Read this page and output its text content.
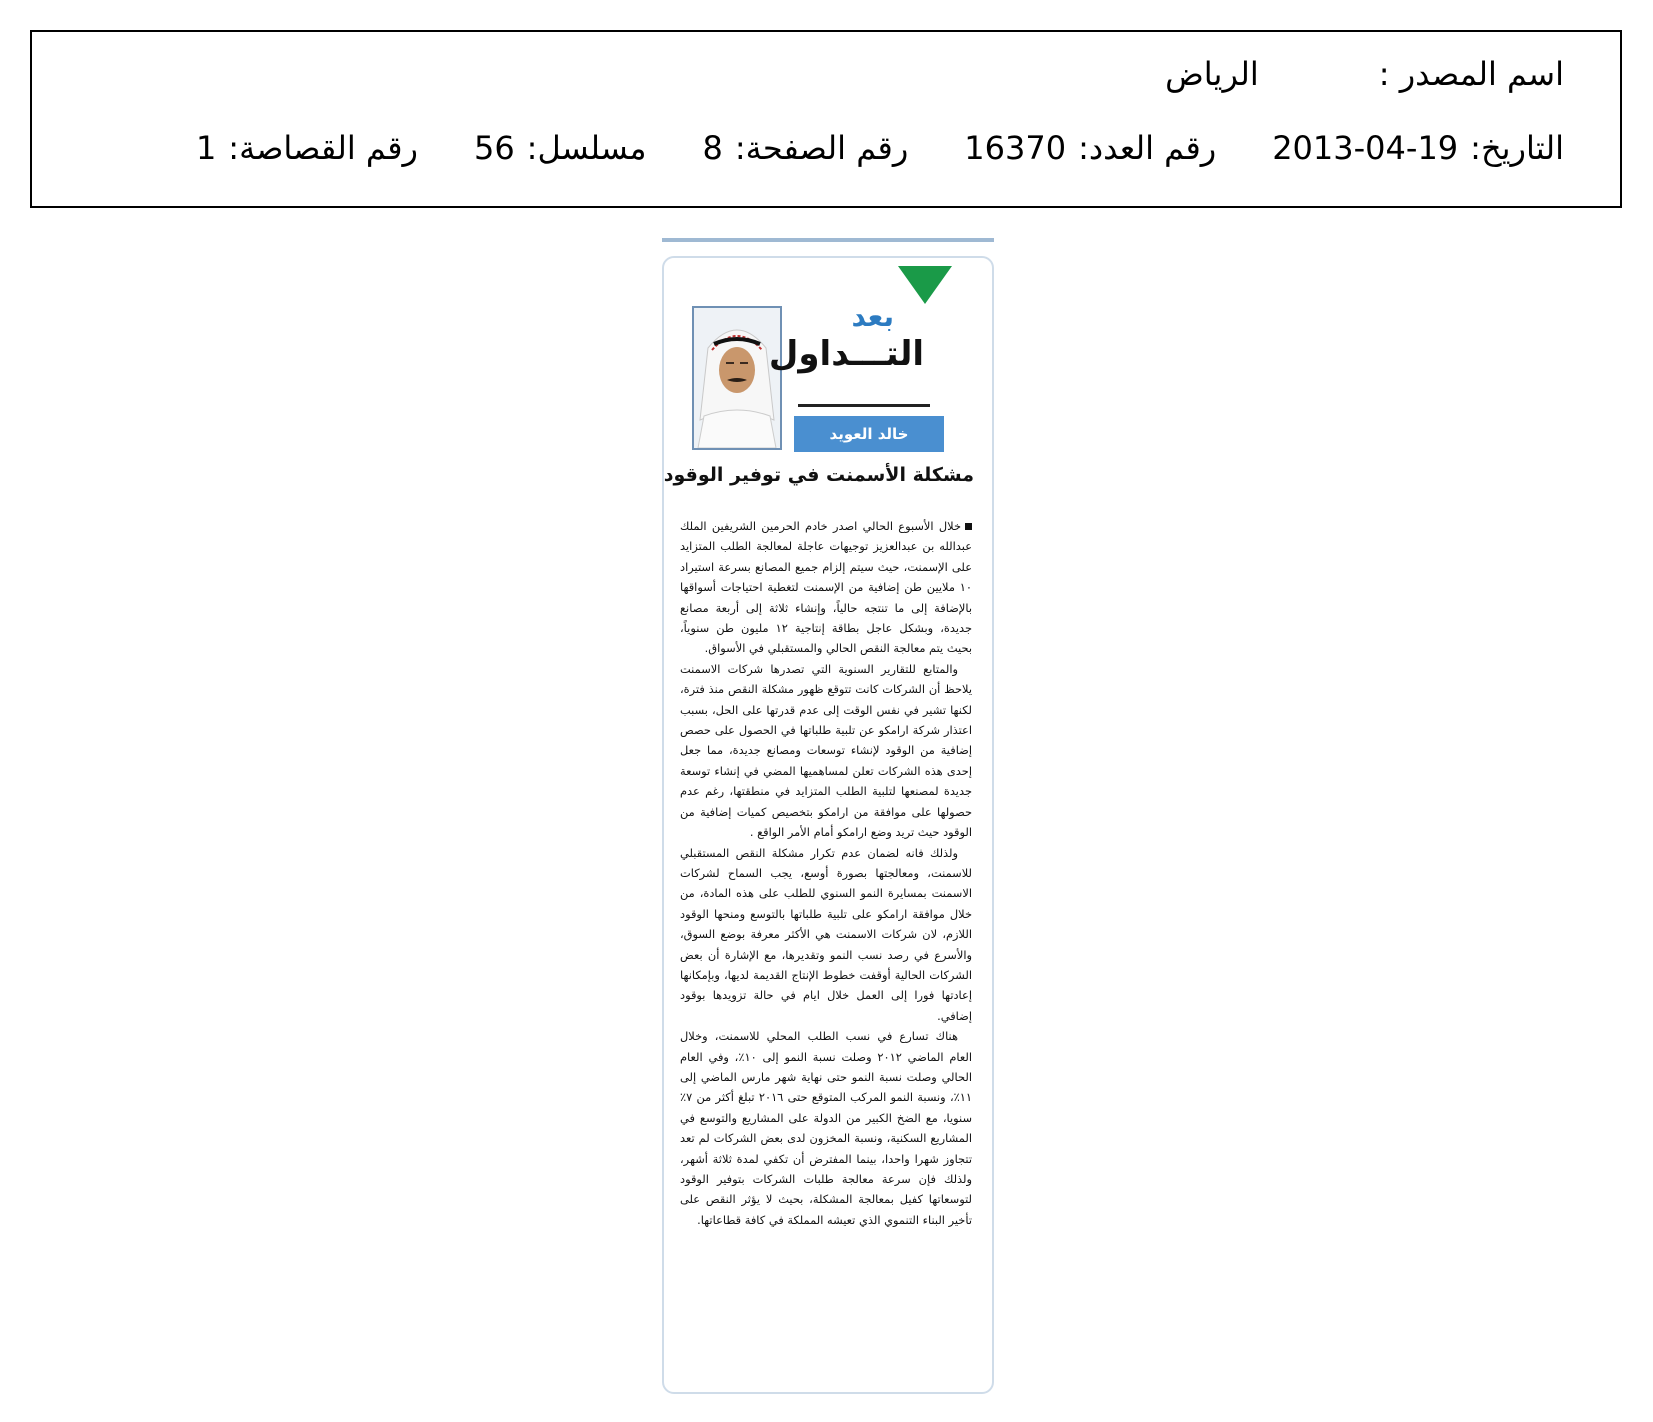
اسم المصدر :
الرياض
التاريخ:
2013-04-19
رقم العدد:
16370
رقم الصفحة:
8
مسلسل:
56
رقم القصاصة:
1
بعد
التـــداول
خالد العويد
مشكلة الأسمنت في توفير الوقود

خلال الأسبوع الحالي اصدر خادم الحرمين الشريفين الملك عبدالله بن عبدالعزيز توجيهات عاجلة لمعالجة الطلب المتزايد على الإسمنت، حيث سيتم إلزام جميع المصانع بسرعة استيراد ١٠ ملايين طن إضافية من الإسمنت لتغطية احتياجات أسواقها بالإضافة إلى ما تنتجه حالياً، وإنشاء ثلاثة إلى أربعة مصانع جديدة، وبشكل عاجل بطاقة إنتاجية ١٢ مليون طن سنوياً، بحيث يتم معالجة النقص الحالي والمستقبلي في الأسواق.

والمتابع للتقارير السنوية التي تصدرها شركات الاسمنت يلاحظ أن الشركات كانت تتوقع ظهور مشكلة النقص منذ فترة، لكنها تشير في نفس الوقت إلى عدم قدرتها على الحل، بسبب اعتذار شركة ارامكو عن تلبية طلباتها في الحصول على حصص إضافية من الوقود لإنشاء توسعات ومصانع جديدة، مما جعل إحدى هذه الشركات تعلن لمساهميها المضي في إنشاء توسعة جديدة لمصنعها لتلبية الطلب المتزايد في منطقتها، رغم عدم حصولها على موافقة من ارامكو بتخصيص كميات إضافية من الوقود حيث تريد وضع ارامكو أمام الأمر الواقع .

ولذلك فانه لضمان عدم تكرار مشكلة النقص المستقبلي للاسمنت، ومعالجتها بصورة أوسع، يجب السماح لشركات الاسمنت بمسايرة النمو السنوي للطلب على هذه المادة، من خلال موافقة ارامكو على تلبية طلباتها بالتوسع ومنحها الوقود اللازم، لان شركات الاسمنت هي الأكثر معرفة بوضع السوق، والأسرع في رصد نسب النمو وتقديرها، مع الإشارة أن بعض الشركات الحالية أوقفت خطوط الإنتاج القديمة لديها، وبإمكانها إعادتها فورا إلى العمل خلال ايام في حالة تزويدها بوقود إضافي.

هناك تسارع في نسب الطلب المحلي للاسمنت، وخلال العام الماضي ٢٠١٢ وصلت نسبة النمو إلى ١٠٪، وفي العام الحالي وصلت نسبة النمو حتى نهاية شهر مارس الماضي إلى ١١٪، ونسبة النمو المركب المتوقع حتى ٢٠١٦ تبلغ أكثر من ٧٪ سنويا، مع الضخ الكبير من الدولة على المشاريع والتوسع في المشاريع السكنية، ونسبة المخزون لدى بعض الشركات لم تعد تتجاوز شهرا واحدا، بينما المفترض أن تكفي لمدة ثلاثة أشهر، ولذلك فإن سرعة معالجة طلبات الشركات بتوفير الوقود لتوسعاتها كفيل بمعالجة المشكلة، بحيث لا يؤثر النقص على تأخير البناء التنموي الذي تعيشه المملكة في كافة قطاعاتها.
